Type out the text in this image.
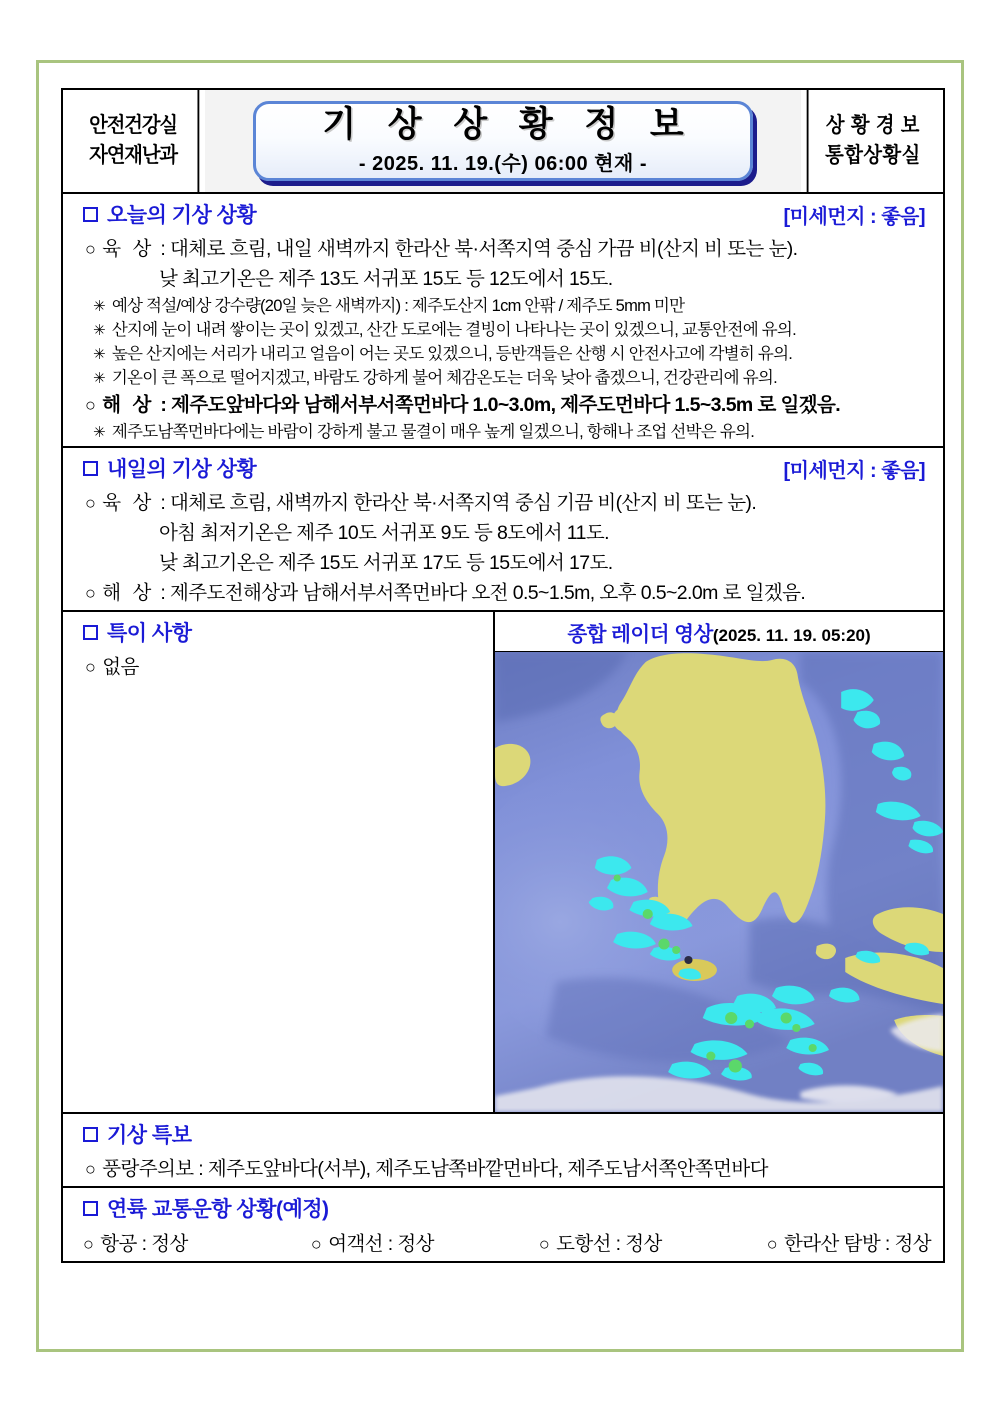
안전건강실
자연재난과
기 상 상 황 정 보
- 2025. 11. 19.(수) 06:00 현재 -
상 황 경 보
통합상황실
오늘의 기상 상황	[미세먼지 : 좋음]
○ 육 상 : 대체로 흐림, 내일 새벽까지 한라산 북·서쪽지역 중심 가끔 비(산지 비 또는 눈).
낮 최고기온은 제주 13도 서귀포 15도 등 12도에서 15도.
✳ 예상 적설/예상 강수량(20일 늦은 새벽까지) : 제주도산지 1cm 안팎 / 제주도 5mm 미만
✳ 산지에 눈이 내려 쌓이는 곳이 있겠고, 산간 도로에는 결빙이 나타나는 곳이 있겠으니, 교통안전에 유의.
✳ 높은 산지에는 서리가 내리고 얼음이 어는 곳도 있겠으니, 등반객들은 산행 시 안전사고에 각별히 유의.
✳ 기온이 큰 폭으로 떨어지겠고, 바람도 강하게 불어 체감온도는 더욱 낮아 춥겠으니, 건강관리에 유의.
○ 해 상 : 제주도앞바다와 남해서부서쪽먼바다 1.0~3.0m, 제주도먼바다 1.5~3.5m 로 일겠음.
✳ 제주도남쪽먼바다에는 바람이 강하게 불고 물결이 매우 높게 일겠으니, 항해나 조업 선박은 유의.
내일의 기상 상황	[미세먼지 : 좋음]
○ 육 상 : 대체로 흐림, 새벽까지 한라산 북·서쪽지역 중심 기끔 비(산지 비 또는 눈).
아침 최저기온은 제주 10도 서귀포 9도 등 8도에서 11도.
낮 최고기온은 제주 15도 서귀포 17도 등 15도에서 17도.
○ 해 상 : 제주도전해상과 남해서부서쪽먼바다 오전 0.5~1.5m, 오후 0.5~2.0m 로 일겠음.
특이 사항
○ 없음
종합 레이더 영상(2025. 11. 19. 05:20)
기상 특보
○ 풍랑주의보 : 제주도앞바다(서부), 제주도남쪽바깥먼바다, 제주도남서쪽안쪽먼바다
연륙 교통운항 상황(예정)
○ 항공 : 정상	○ 여객선 : 정상	○ 도항선 : 정상	○ 한라산 탐방 : 정상
